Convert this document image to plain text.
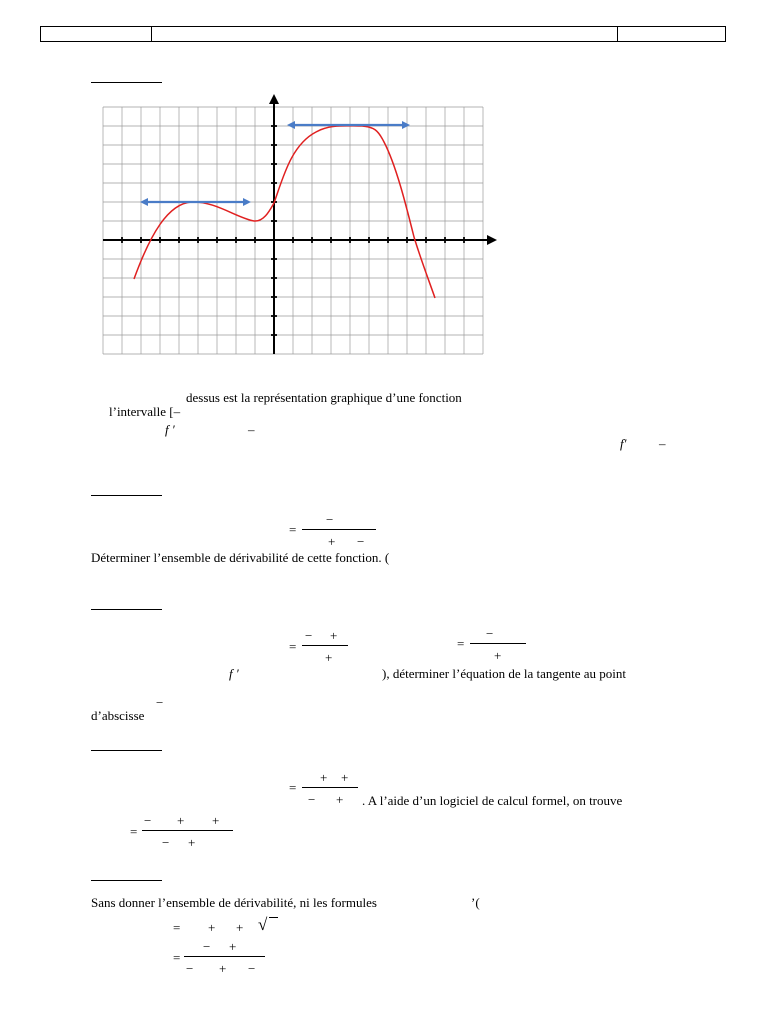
dessus est la représentation graphique d’une fonction
l’intervalle [–
f ′	–
f′	–
=
−
+ −
Déterminer l’ensemble de dérivabilité de cette fonction. (
=
− +
+
=
−
+
f ′	), déterminer l’équation de la tangente au point
−
d’abscisse
=
+ +
− + . A l’aide d’un logiciel de calcul formel, on trouve
=
− + +
− +
Sans donner l’ensemble de dérivabilité, ni les formules	’(
= + + √
=
− +
− + −
